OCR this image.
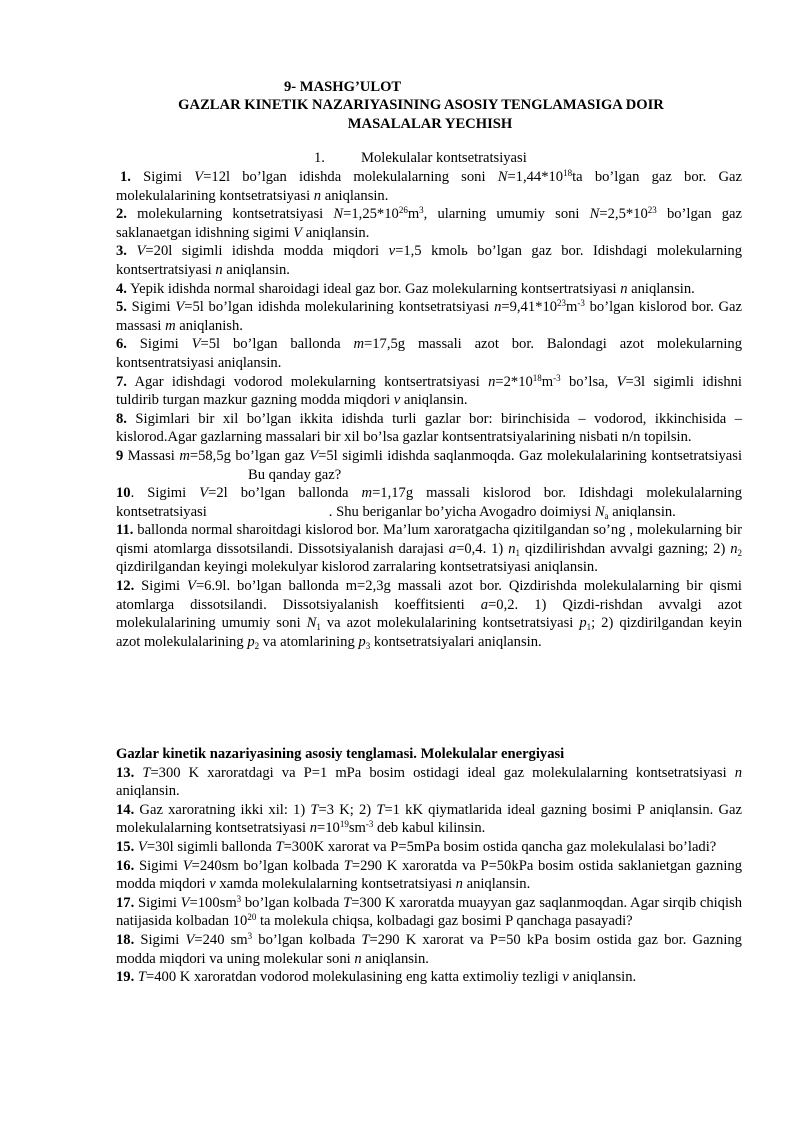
9- MASHG’ULOT
GAZLAR KINETIK NAZARIYASINING ASOSIY TENGLAMASIGA DOIR
MASALALAR YECHISH
1. Molekulalar kontsetratsiyasi

1. Sigimi V=12l bo’lgan idishda molekulalarning soni $N=1,44*10^{18}ta$ bo’lgan gaz bor. Gaz molekulalarining kontsetratsiyasi n aniqlansin.

2. molekularning kontsetratsiyasi $N=1,25*10^{26}m^3$, ularning umumiy soni $N=2,5*10^{23}$ bo’lgan gaz saklanaetgan idishning sigimi V aniqlansin.

3. V=20l sigimli idishda modda miqdori v=1,5 kmolь bo’lgan gaz bor. Idishdagi molekularning kontsertratsiyasi n aniqlansin.

4. Yepik idishda normal sharoidagi ideal gaz bor. Gaz molekularning kontsertratsiyasi n aniqlansin.

5. Sigimi V=5l bo’lgan idishda molekularining kontsetratsiyasi $n=9,41*10^{23}m^{-3}$ bo’lgan kislorod bor. Gaz massasi m aniqlanish.

6. Sigimi V=5l bo’lgan ballonda m=17,5g massali azot bor. Balondagi azot molekularning kontsentratsiyasi aniqlansin.

7. Agar idishdagi vodorod molekularning kontsertratsiyasi $n=2*10^{18}m^{-3}$ bo’lsa, V=3l sigimli idishni tuldirib turgan mazkur gazning modda miqdori v aniqlansin.

8. Sigimlari bir xil bo’lgan ikkita idishda turli gazlar bor: birinchisida – vodorod, ikkinchisida – kislorod.Agar gazlarning massalari bir xil bo’lsa gazlar kontsentratsiyalarining nisbati n/n topilsin.

9 Massasi m=58,5g bo’lgan gaz V=5l sigimli idishda saqlanmoqda. Gaz molekulalarining kontsetratsiyasiBu qanday gaz?

10. Sigimi V=2l bo’lgan ballonda m=1,17g massali kislorod bor. Idishdagi molekulalarning kontsetratsiyasi	. Shu beriganlar bo’yicha Avogadro doimiysi $N_a$ aniqlansin.

11. ballonda normal sharoitdagi kislorod bor. Ma’lum xaroratgacha qizitilgandan so’ng , molekularning bir qismi atomlarga dissotsilandi. Dissotsiyalanish darajasi a=0,4. 1) $n_1$ qizdilirishdan avvalgi gazning; 2) $n_2$ qizdirilgandan keyingi molekulyar kislorod zarralaring kontsetratsiyasi aniqlansin.

12. Sigimi V=6.9l. bo’lgan ballonda m=2,3g massali azot bor. Qizdirishda molekulalarning bir qismi atomlarga dissotsilandi. Dissotsiyalanish koeffitsienti a=0,2. 1) Qizdi-rishdan avvalgi azot molekulalarining umumiy soni $N_1$ va azot molekulalarining kontsetratsiyasi $p_1$; 2) qizdirilgandan keyin azot molekulalarining $p_2$ va atomlarining $p_3$ kontsetratsiyalari aniqlansin.

Gazlar kinetik nazariyasining asosiy tenglamasi. Molekulalar energiyasi

13. T=300 K xaroratdagi va P=1 mPa bosim ostidagi ideal gaz molekulalarning kontsetratsiyasi n aniqlansin.

14. Gaz xaroratning ikki xil: 1) T=3 K; 2) T=1 kK qiymatlarida ideal gazning bosimi P aniqlansin. Gaz molekulalarning kontsetratsiyasi $n=10^{19}sm^{-3}$ deb kabul kilinsin.

15. V=30l sigimli ballonda T=300K xarorat va P=5mPa bosim ostida qancha gaz molekulalasi bo’ladi?

16. Sigimi V=240sm bo’lgan kolbada T=290 K xaroratda va P=50kPa bosim ostida saklanietgan gazning modda miqdori v xamda molekulalarning kontsetratsiyasi n aniqlansin.

17. Sigimi $V=100sm^3$ bo’lgan kolbada T=300 K xaroratda muayyan gaz saqlanmoqdan. Agar sirqib chiqish natijasida kolbadan $10^{20}$ ta molekula chiqsa, kolbadagi gaz bosimi P qanchaga pasayadi?

18. Sigimi V=240 $sm^3$ bo’lgan kolbada T=290 K xarorat va P=50 kPa bosim ostida gaz bor. Gazning modda miqdori va uning molekular soni n aniqlansin.

19. T=400 K xaroratdan vodorod molekulasining eng katta extimoliy tezligi v aniqlansin.
